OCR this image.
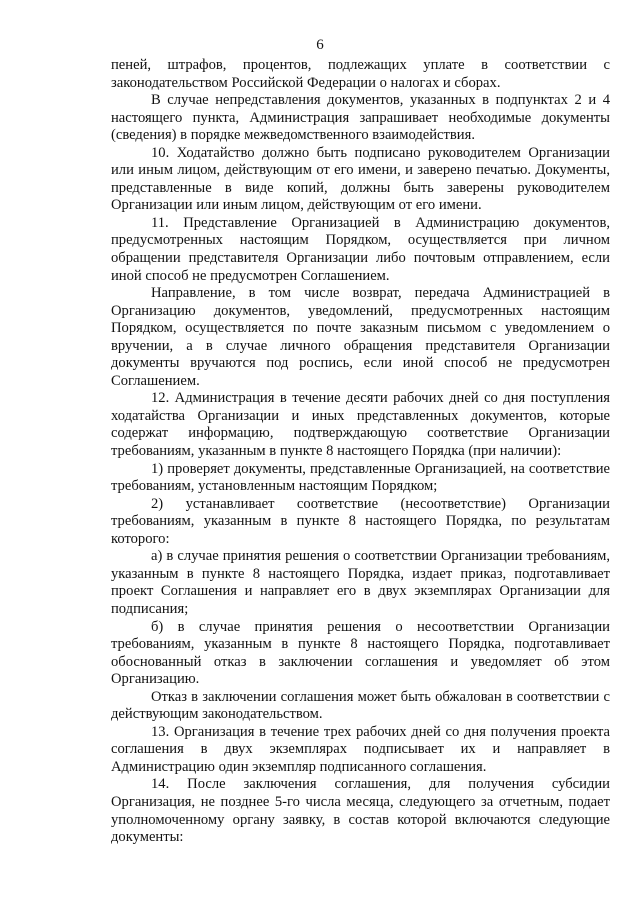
6

пеней, штрафов, процентов, подлежащих уплате в соответствии с законодательством Российской Федерации о налогах и сборах.

В случае непредставления документов, указанных в подпунктах 2 и 4 настоящего пункта, Администрация запрашивает необходимые документы (сведения) в порядке межведомственного взаимодействия.

10. Ходатайство должно быть подписано руководителем Организации или иным лицом, действующим от его имени, и заверено печатью. Документы, представленные в виде копий, должны быть заверены руководителем Организации или иным лицом, действующим от его имени.

11. Представление Организацией в Администрацию документов, предусмотренных настоящим Порядком, осуществляется при личном обращении представителя Организации либо почтовым отправлением, если иной способ не предусмотрен Соглашением.

Направление, в том числе возврат, передача Администрацией в Организацию документов, уведомлений, предусмотренных настоящим Порядком, осуществляется по почте заказным письмом с уведомлением о вручении, а в случае личного обращения представителя Организации документы вручаются под роспись, если иной способ не предусмотрен Соглашением.

12. Администрация в течение десяти рабочих дней со дня поступления ходатайства Организации и иных представленных документов, которые содержат информацию, подтверждающую соответствие Организации требованиям, указанным в пункте 8 настоящего Порядка (при наличии):

1) проверяет документы, представленные Организацией, на соответствие требованиям, установленным настоящим Порядком;

2) устанавливает соответствие (несоответствие) Организации требованиям, указанным в пункте 8 настоящего Порядка, по результатам которого:

а) в случае принятия решения о соответствии Организации требованиям, указанным в пункте 8 настоящего Порядка, издает приказ, подготавливает проект Соглашения и направляет его в двух экземплярах Организации для подписания;

б) в случае принятия решения о несоответствии Организации требованиям, указанным в пункте 8 настоящего Порядка, подготавливает обоснованный отказ в заключении соглашения и уведомляет об этом Организацию.

Отказ в заключении соглашения может быть обжалован в соответствии с действующим законодательством.

13. Организация в течение трех рабочих дней со дня получения проекта соглашения в двух экземплярах подписывает их и направляет в Администрацию один экземпляр подписанного соглашения.

14. После заключения соглашения, для получения субсидии Организация, не позднее 5-го числа месяца, следующего за отчетным, подает уполномоченному органу заявку, в состав которой включаются следующие документы:
